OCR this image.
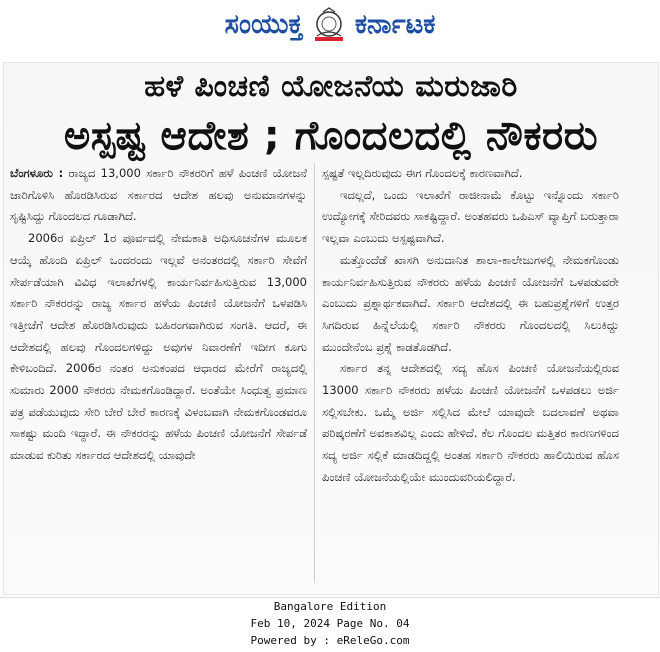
ಸಂಯುಕ್ತ ಕರ್ನಾಟಕ
ಹಳೆ ಪಿಂಚಣಿ ಯೋಜನೆಯ ಮರುಜಾರಿ
ಅಸ್ಪಷ್ಟ ಆದೇಶ ; ಗೊಂದಲದಲ್ಲಿ ನೌಕರರು

ಬೆಂಗಳೂರು : ರಾಜ್ಯದ 13,000 ಸರ್ಕಾರಿ ನೌಕರರಿಗೆ ಹಳೆ ಪಿಂಚಣಿ ಯೋಜನೆ ಜಾರಿಗೊಳಿಸಿ ಹೊರಡಿಸಿರುವ ಸರ್ಕಾರದ ಆದೇಶ ಹಲವು ಅನುಮಾನಗಳನ್ನು ಸೃಷ್ಟಿಸಿದ್ದು ಗೊಂದಲದ ಗೂಡಾಗಿದೆ.

2006ರ ಏಪ್ರಿಲ್ 1ರ ಪೂರ್ವದಲ್ಲಿ ನೇಮಕಾತಿ ಅಧಿಸೂಚನೆಗಳ ಮೂಲಕ ಆಯ್ಕೆ ಹೊಂದಿ ಏಪ್ರಿಲ್ ಒಂದರಂದು ಇಲ್ಲವೆ ಅನಂತರದಲ್ಲಿ ಸರ್ಕಾರಿ ಸೇವೆಗೆ ಸೇರ್ಪಡೆಯಾಗಿ ವಿವಿಧ ಇಲಾಖೆಗಳಲ್ಲಿ ಕಾರ್ಯನಿರ್ವಹಿಸುತ್ತಿರುವ 13,000 ಸರ್ಕಾರಿ ನೌಕರರನ್ನು ರಾಜ್ಯ ಸರ್ಕಾರ ಹಳೆಯ ಪಿಂಚಣಿ ಯೋಜನೆಗೆ ಒಳಪಡಿಸಿ ಇತ್ತೀಚೆಗೆ ಆದೇಶ ಹೊರಡಿಸಿರುವುದು ಬಹಿರಂಗವಾಗಿರುವ ಸಂಗತಿ. ಆದರೆ, ಈ ಆದೇಶದಲ್ಲಿ ಹಲವು ಗೊಂದಲಗಳಿದ್ದು ಅವುಗಳ ನಿವಾರಣೆಗೆ ಇದೀಗ ಕೂಗು ಕೇಳಿಬಂದಿದೆ. 2006ರ ನಂತರ ಅನುಕಂಪದ ಆಧಾರದ ಮೇರೆಗೆ ರಾಜ್ಯದಲ್ಲಿ ಸುಮಾರು 2000 ನೌಕರರು ನೇಮಕಗೊಂಡಿದ್ದಾರೆ. ಅಂತೆಯೇ ಸಿಂಧುತ್ವ ಪ್ರಮಾಣ ಪತ್ರ ಪಡೆಯುವುದು ಸೇರಿ ಬೇರೆ ಬೇರೆ ಕಾರಣಕ್ಕೆ ವಿಳಂಬವಾಗಿ ನೇಮಕಗೊಂಡವರೂ ಸಾಕಷ್ಟು ಮಂದಿ ಇದ್ದಾರೆ. ಈ ನೌಕರರನ್ನು ಹಳೆಯ ಪಿಂಚಣಿ ಯೋಜನೆಗೆ ಸೇರ್ಪಡೆ ಮಾಡುವ ಕುರಿತು ಸರ್ಕಾರದ ಆದೇಶದಲ್ಲಿ ಯಾವುದೇ

ಸ್ಪಷ್ಟತೆ ಇಲ್ಲದಿರುವುದು ಈಗ ಗೊಂದಲಕ್ಕೆ ಕಾರಣವಾಗಿದೆ.

ಇದಲ್ಲದೆ, ಒಂದು ಇಲಾಖೆಗೆ ರಾಜೀನಾಮೆ ಕೊಟ್ಟು ಇನ್ನೊಂದು ಸರ್ಕಾರಿ ಉದ್ಯೋಗಕ್ಕೆ ಸೇರಿದವರು ಸಾಕಷ್ಟಿದ್ದಾರೆ. ಅಂತಹವರು ಒಪಿಎಸ್ ವ್ಯಾಪ್ತಿಗೆ ಬರುತ್ತಾರಾ ಇಲ್ಲವಾ ಎಂಬುದು ಅಸ್ಪಷ್ಟವಾಗಿದೆ.

ಮತ್ತೊಂದೆಡೆ ಖಾಸಗಿ ಅನುದಾನಿತ ಶಾಲಾ-ಕಾಲೇಜುಗಳಲ್ಲಿ ನೇಮಕಗೊಂಡು ಕಾರ್ಯನಿರ್ವಹಿಸುತ್ತಿರುವ ನೌಕರರು ಹಳೆಯ ಪಿಂಚಣಿ ಯೋಜನೆಗೆ ಒಳಪಡುವರೇ ಎಂಬುದು ಪ್ರಶ್ನಾರ್ಥಕವಾಗಿದೆ. ಸರ್ಕಾರಿ ಆದೇಶದಲ್ಲಿ ಈ ಬಹುಪ್ರಶ್ನೆಗಳಿಗೆ ಉತ್ತರ ಸಿಗದಿರುವ ಹಿನ್ನೆಲೆಯಲ್ಲಿ ಸರ್ಕಾರಿ ನೌಕರರು ಗೊಂದಲದಲ್ಲಿ ಸಿಲುಕಿದ್ದು ಮುಂದೇನೆಂಬ ಪ್ರಶ್ನೆ ಕಾಡತೊಡಗಿದೆ.

ಸರ್ಕಾರ ತನ್ನ ಆದೇಶದಲ್ಲಿ ಸದ್ಯ ಹೊಸ ಪಿಂಚಣಿ ಯೋಜನೆಯಲ್ಲಿರುವ 13000 ಸರ್ಕಾರಿ ನೌಕರರು ಹಳೆಯ ಪಿಂಚಣಿ ಯೋಜನೆಗೆ ಒಳಪಡಲು ಅರ್ಜಿ ಸಲ್ಲಿಸಬೇಕು. ಒಮ್ಮೆ ಅರ್ಜಿ ಸಲ್ಲಿಸಿದ ಮೇಲೆ ಯಾವುದೇ ಬದಲಾವಣೆ ಅಥವಾ ಪರಿಷ್ಕರಣೆಗೆ ಅವಕಾಶವಿಲ್ಲ ಎಂದು ಹೇಳಿದೆ. ಕೆಲ ಗೊಂದಲ ಮತ್ತಿತರ ಕಾರಣಗಳಿಂದ ಸದ್ಯ ಅರ್ಜಿ ಸಲ್ಲಿಕೆ ಮಾಡದಿದ್ದಲ್ಲಿ ಅಂತಹ ಸರ್ಕಾರಿ ನೌಕರರು ಹಾಲಿಯಿರುವ ಹೊಸ ಪಿಂಚಣಿ ಯೋಜನೆಯಲ್ಲಿಯೇ ಮುಂದುವರಿಯಲಿದ್ದಾರೆ.

Bangalore Edition
Feb 10, 2024 Page No. 04
Powered by : eReleGo.com
